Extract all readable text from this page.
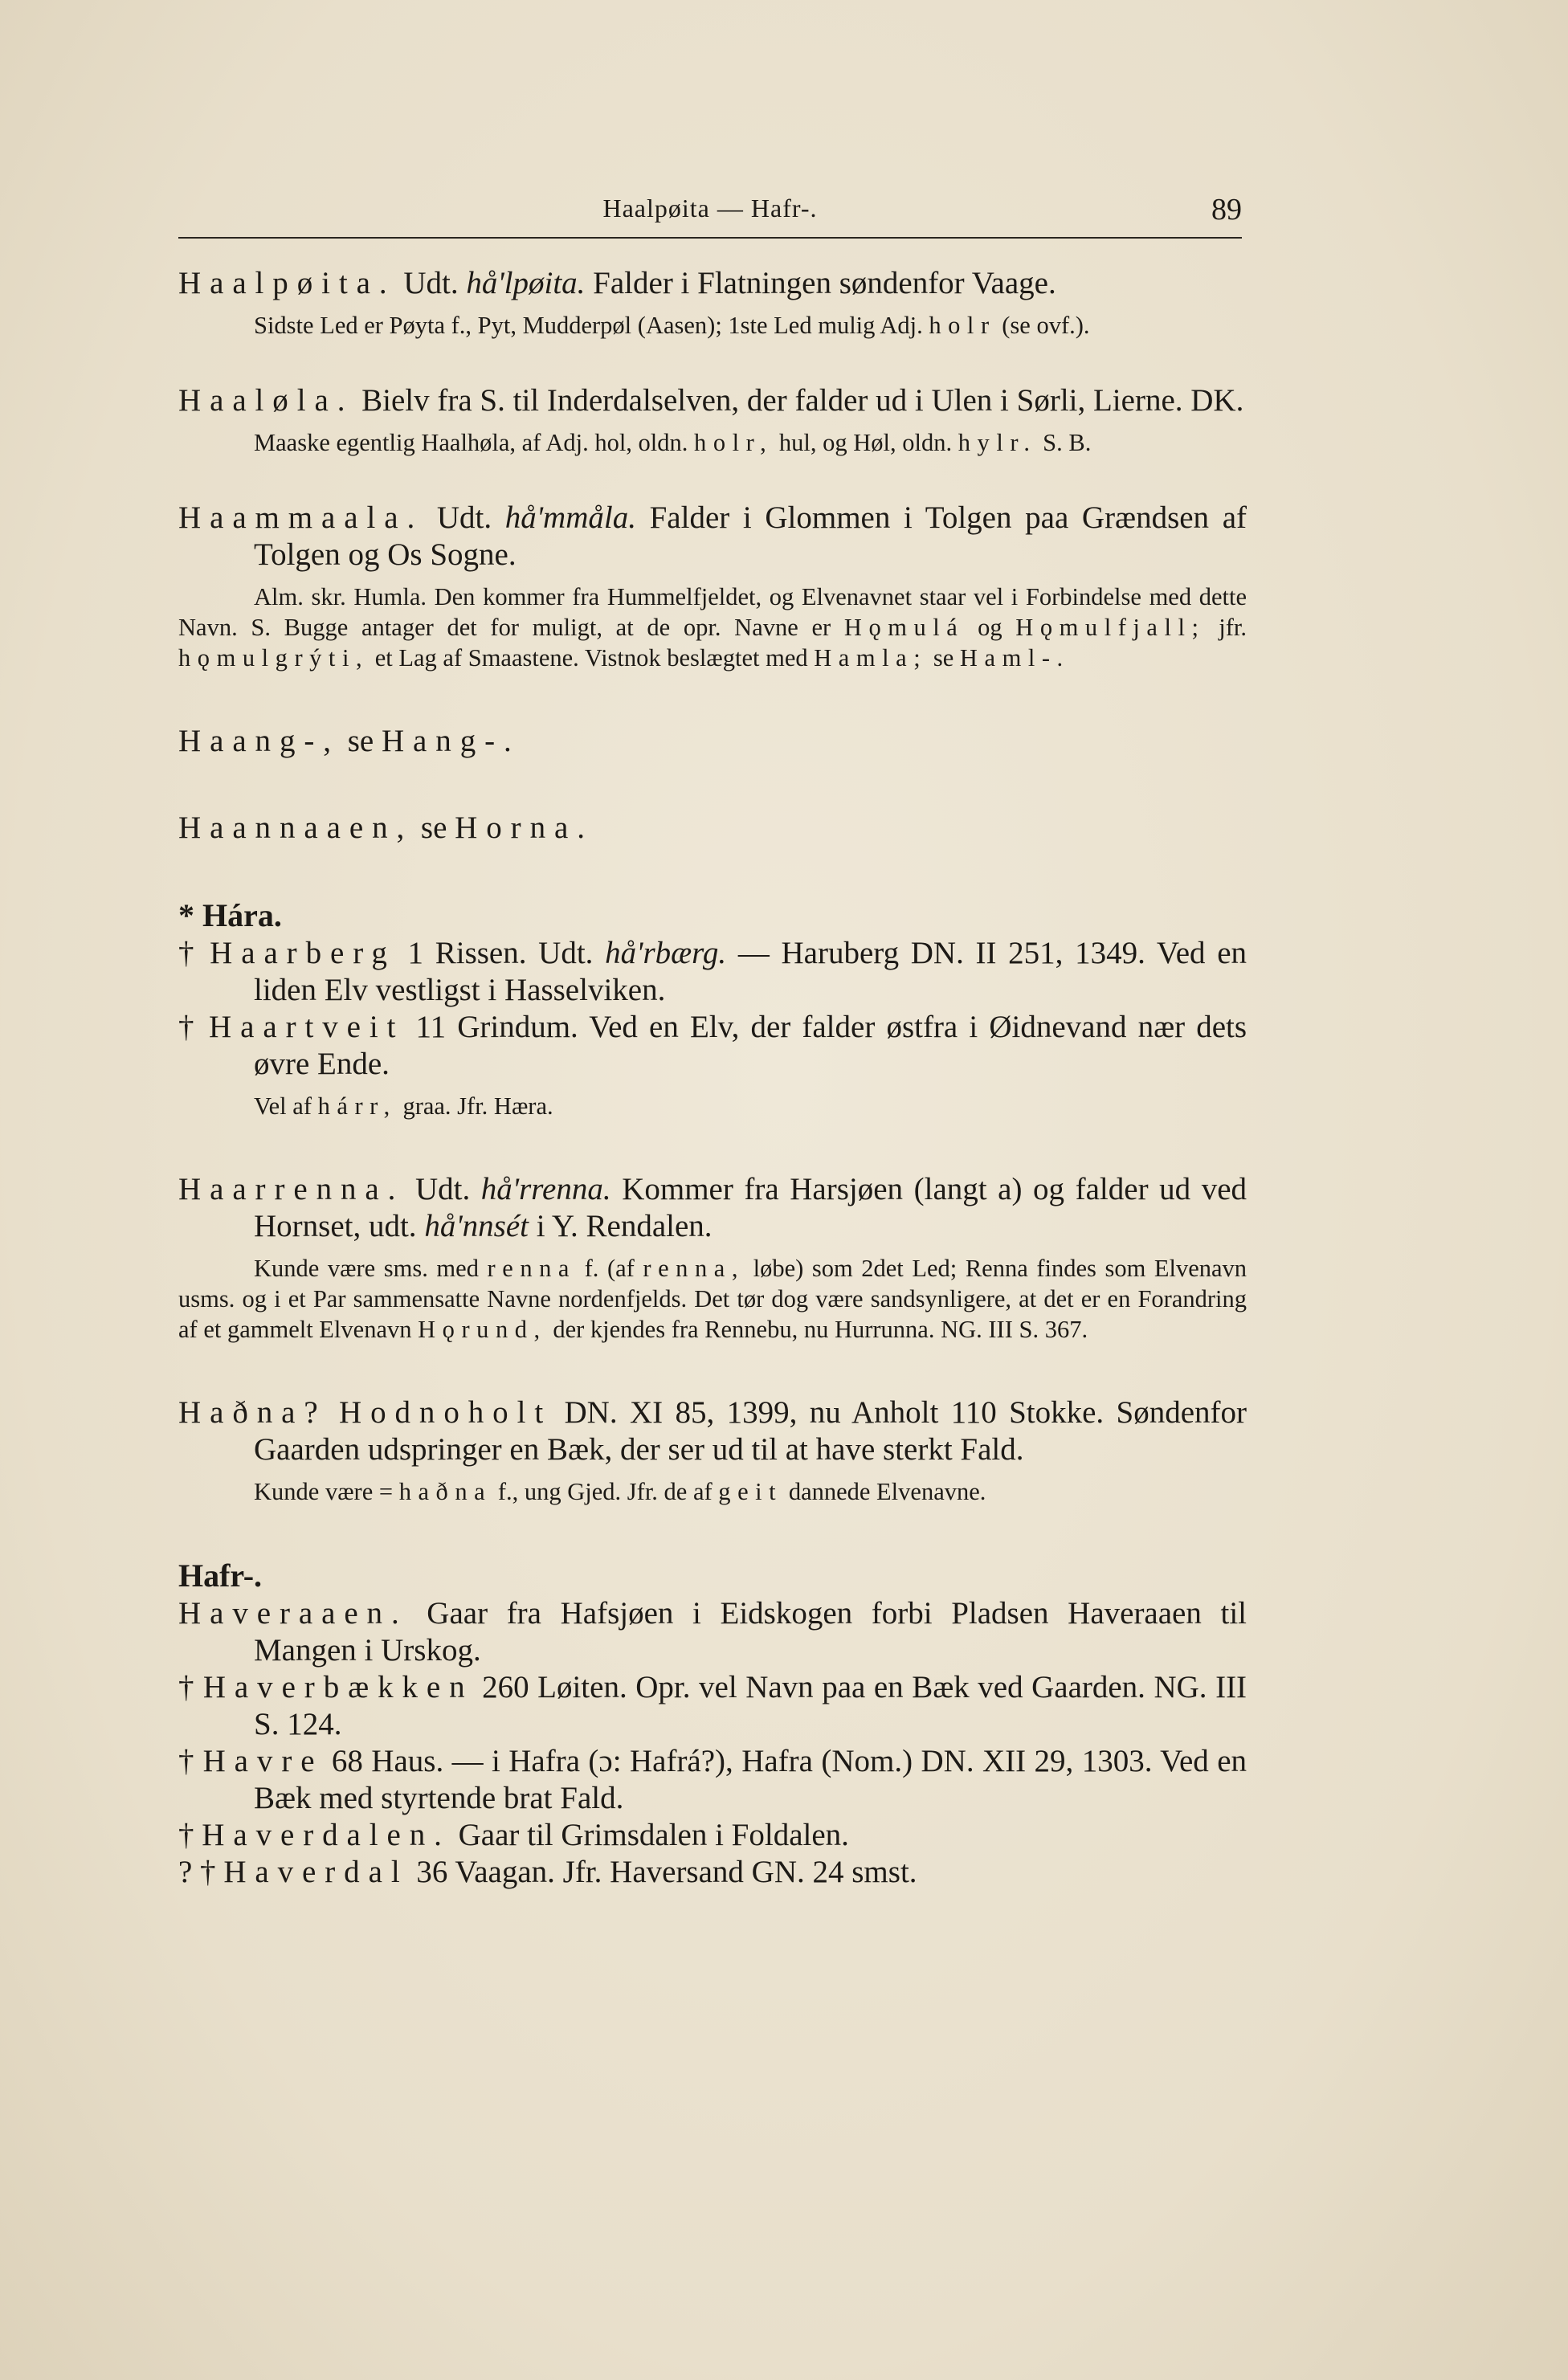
Haalpøita — Hafr-.	89

Haalpøita. Udt. hå'lpøita. Falder i Flatningen søndenfor Vaage.

Sidste Led er Pøyta f., Pyt, Mudderpøl (Aasen); 1ste Led mulig Adj. holr (se ovf.).

Haaløla. Bielv fra S. til Inderdalselven, der falder ud i Ulen i Sørli, Lierne. DK.

Maaske egentlig Haalhøla, af Adj. hol, oldn. holr, hul, og Høl, oldn. hylr. S. B.

Haammaala. Udt. hå'mmåla. Falder i Glommen i Tolgen paa Grændsen af Tolgen og Os Sogne.

Alm. skr. Humla. Den kommer fra Hummelfjeldet, og Elvenavnet staar vel i Forbindelse med dette Navn. S. Bugge antager det for muligt, at de opr. Navne er Hǫmulá og Hǫmulfjall; jfr. hǫmulgrýti, et Lag af Smaastene. Vistnok beslægtet med Hamla; se Haml-.

Haang-, se Hang-.

Haannaaen, se Horna.

* Hára.

† Haarberg 1 Rissen. Udt. hå'rbærg. — Haruberg DN. II 251, 1349. Ved en liden Elv vestligst i Hasselviken.

† Haartveit 11 Grindum. Ved en Elv, der falder østfra i Øidnevand nær dets øvre Ende.

Vel af hárr, graa. Jfr. Hæra.

Haarrenna. Udt. hå'rrenna. Kommer fra Harsjøen (langt a) og falder ud ved Hornset, udt. hå'nnsét i Y. Rendalen.

Kunde være sms. med renna f. (af renna, løbe) som 2det Led; Renna findes som Elvenavn usms. og i et Par sammensatte Navne nordenfjelds. Det tør dog være sandsynligere, at det er en Forandring af et gammelt Elvenavn Hǫrund, der kjendes fra Rennebu, nu Hurrunna. NG. III S. 367.

Haðna? Hodnoholt DN. XI 85, 1399, nu Anholt 110 Stokke. Søndenfor Gaarden udspringer en Bæk, der ser ud til at have sterkt Fald.

Kunde være = haðna f., ung Gjed. Jfr. de af geit dannede Elvenavne.

Hafr-.

Haveraaen. Gaar fra Hafsjøen i Eidskogen forbi Pladsen Haveraaen til Mangen i Urskog.

† Haverbækken 260 Løiten. Opr. vel Navn paa en Bæk ved Gaarden. NG. III S. 124.

† Havre 68 Haus. — i Hafra (ɔ: Hafrá?), Hafra (Nom.) DN. XII 29, 1303. Ved en Bæk med styrtende brat Fald.

† Haverdalen. Gaar til Grimsdalen i Foldalen.

? † Haverdal 36 Vaagan. Jfr. Haversand GN. 24 smst.
